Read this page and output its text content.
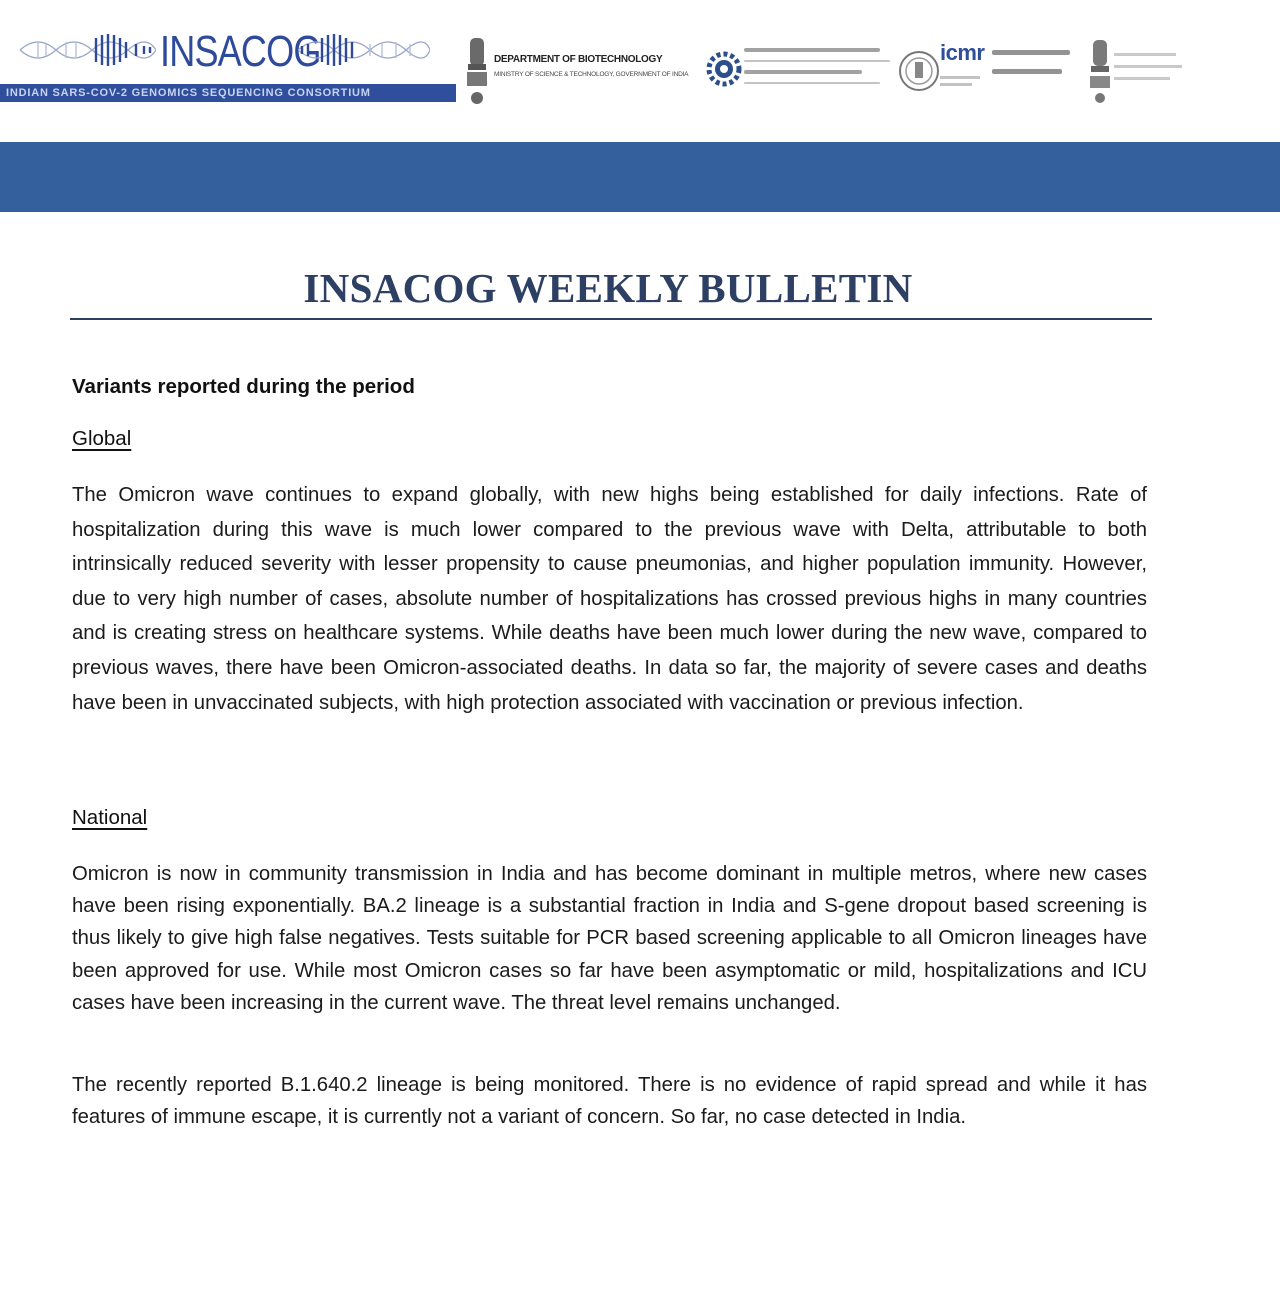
INSACOG
INDIAN SARS-COV-2 GENOMICS SEQUENCING CONSORTIUM
DEPARTMENT OF BIOTECHNOLOGY
MINISTRY OF SCIENCE & TECHNOLOGY, GOVERNMENT OF INDIA
icmr
INSACOG WEEKLY BULLETIN
Variants reported during the period
Global

The Omicron wave continues to expand globally, with new highs being established for daily infections. Rate of hospitalization during this wave is much lower compared to the previous wave with Delta, attributable to both intrinsically reduced severity with lesser propensity to cause pneumonias, and higher population immunity. However, due to very high number of cases, absolute number of hospitalizations has crossed previous highs in many countries and is creating stress on healthcare systems. While deaths have been much lower during the new wave, compared to previous waves, there have been Omicron-associated deaths. In data so far, the majority of severe cases and deaths have been in unvaccinated subjects, with high protection associated with vaccination or previous infection.

National

Omicron is now in community transmission in India and has become dominant in multiple metros, where new cases have been rising exponentially. BA.2 lineage is a substantial fraction in India and S-gene dropout based screening is thus likely to give high false negatives. Tests suitable for PCR based screening applicable to all Omicron lineages have been approved for use. While most Omicron cases so far have been asymptomatic or mild, hospitalizations and ICU cases have been increasing in the current wave. The threat level remains unchanged.

The recently reported B.1.640.2 lineage is being monitored. There is no evidence of rapid spread and while it has features of immune escape, it is currently not a variant of concern. So far, no case detected in India.
